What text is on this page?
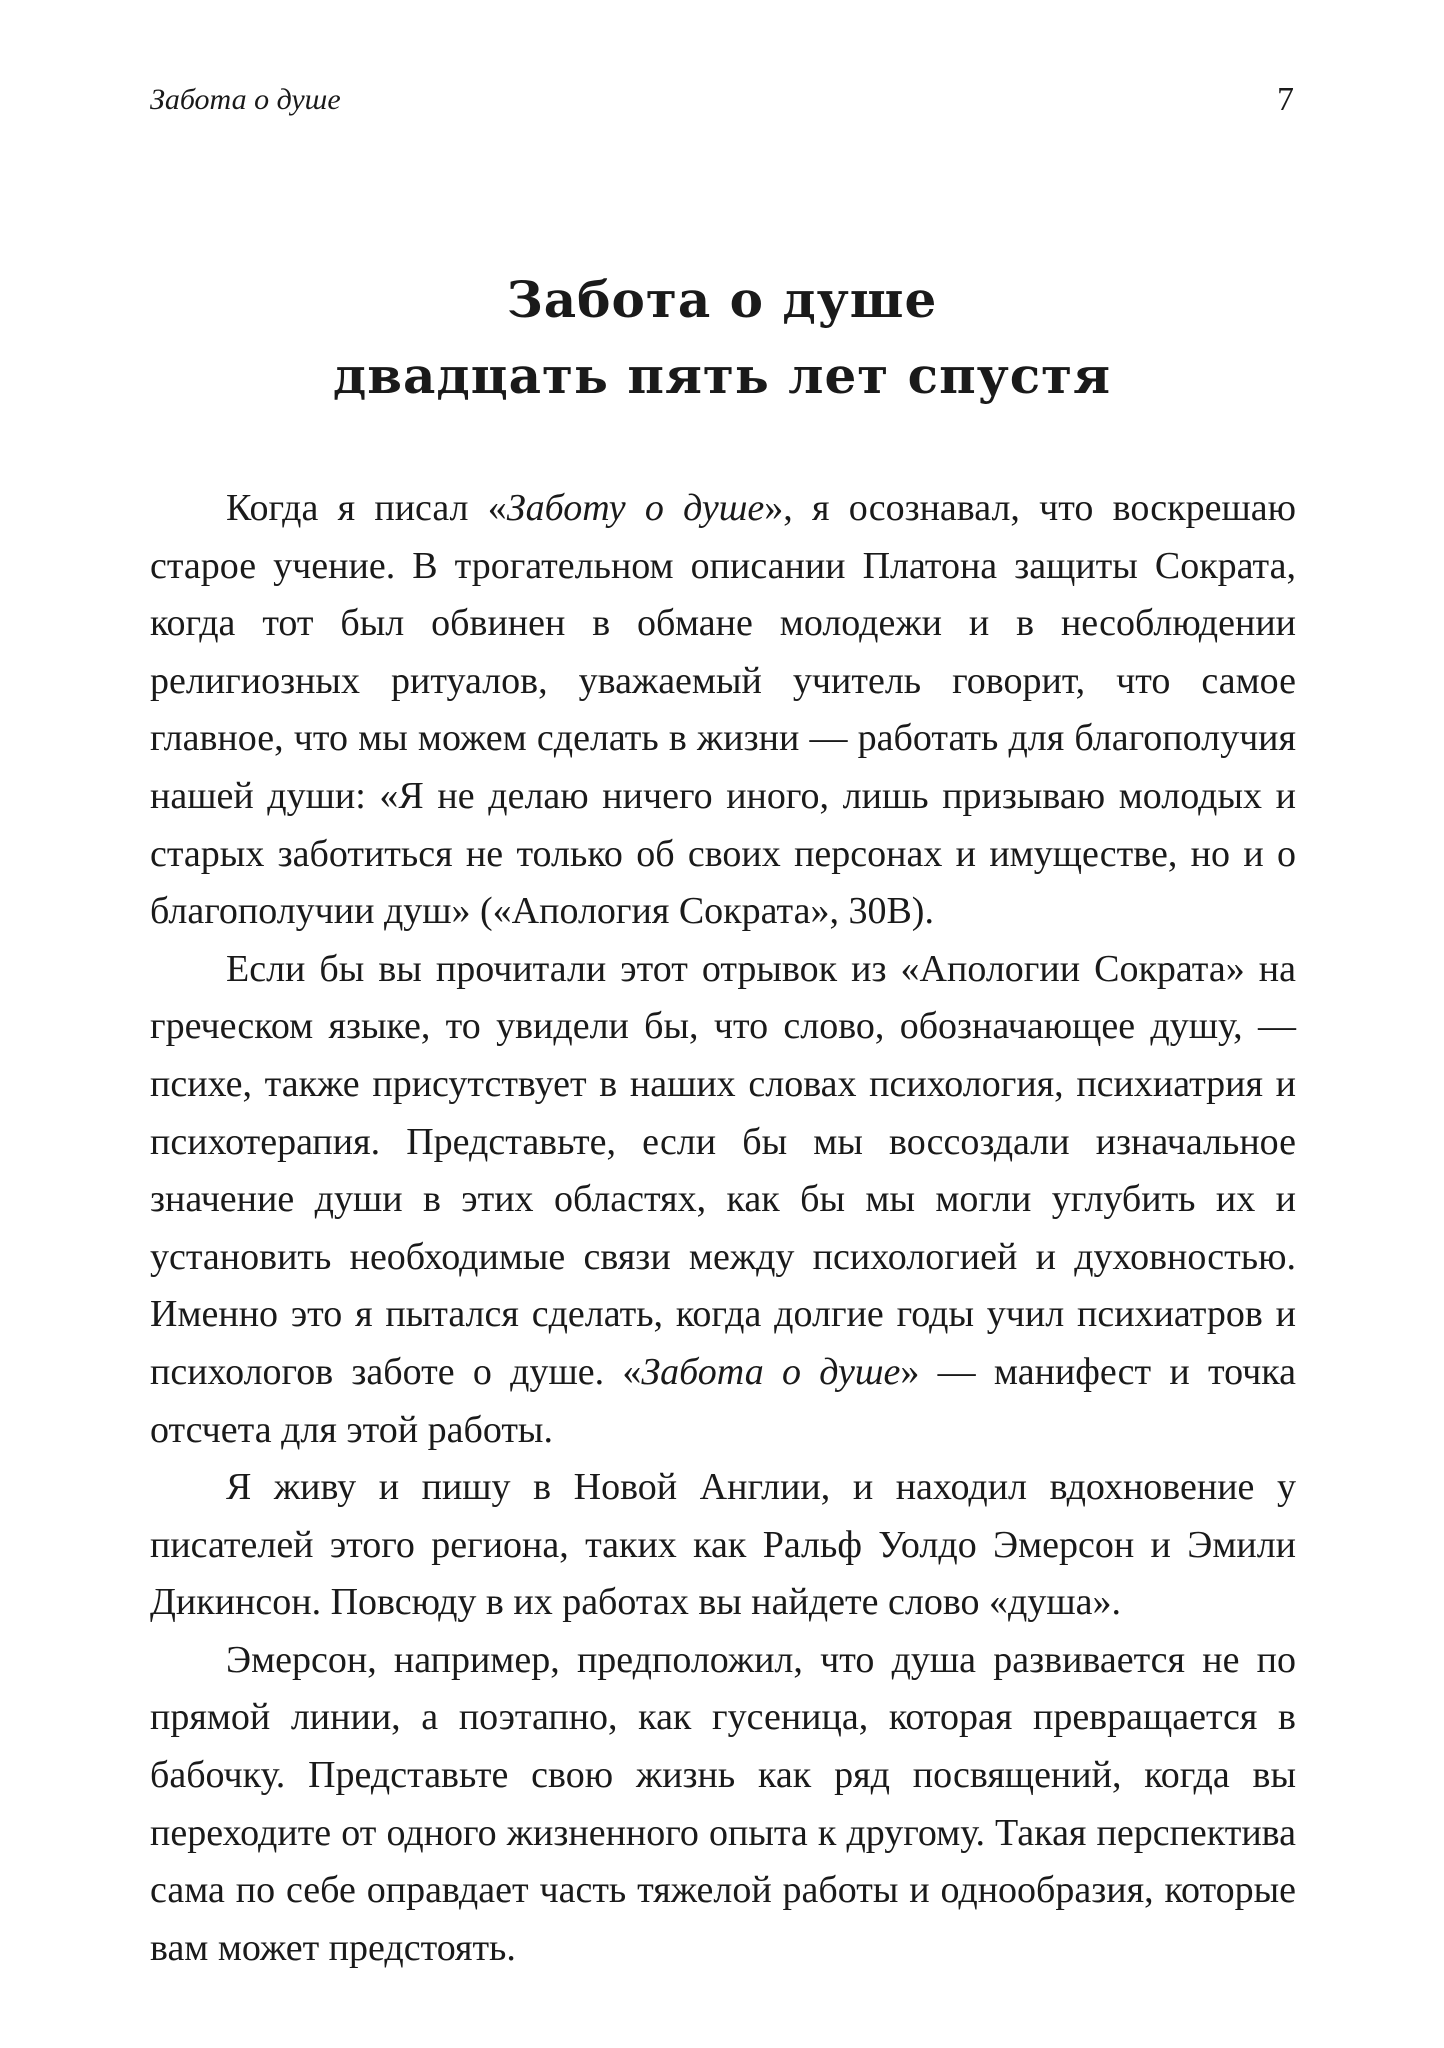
Забота о душе	7
Забота о душе
двадцать пять лет спустя

Когда я писал «Заботу о душе», я осознавал, что воскрешаю старое учение. В трогательном описании Платона защиты Сократа, когда тот был обвинен в обмане молодежи и в несоблюдении религиозных ритуалов, уважаемый учитель говорит, что самое главное, что мы можем сделать в жизни — работать для благополучия нашей души: «Я не делаю ничего иного, лишь призываю молодых и старых заботиться не только об своих персонах и имуществе, но и о благополучии душ» («Апология Сократа», 30B).

Если бы вы прочитали этот отрывок из «Апологии Сократа» на греческом языке, то увидели бы, что слово, обозначающее душу, — психе, также присутствует в наших словах психология, психиатрия и психотерапия. Представьте, если бы мы воссоздали изначальное значение души в этих областях, как бы мы могли углубить их и установить необходимые связи между психологией и духовностью. Именно это я пытался сделать, когда долгие годы учил психиатров и психологов заботе о душе. «Забота о душе» — манифест и точка отсчета для этой работы.

Я живу и пишу в Новой Англии, и находил вдохновение у писателей этого региона, таких как Ральф Уолдо Эмерсон и Эмили Дикинсон. Повсюду в их работах вы найдете слово «душа».

Эмерсон, например, предположил, что душа развивается не по прямой линии, а поэтапно, как гусеница, которая превращается в бабочку. Представьте свою жизнь как ряд посвящений, когда вы переходите от одного жизненного опыта к другому. Такая перспектива сама по себе оправдает часть тяжелой работы и однообразия, которые вам может предстоять.
